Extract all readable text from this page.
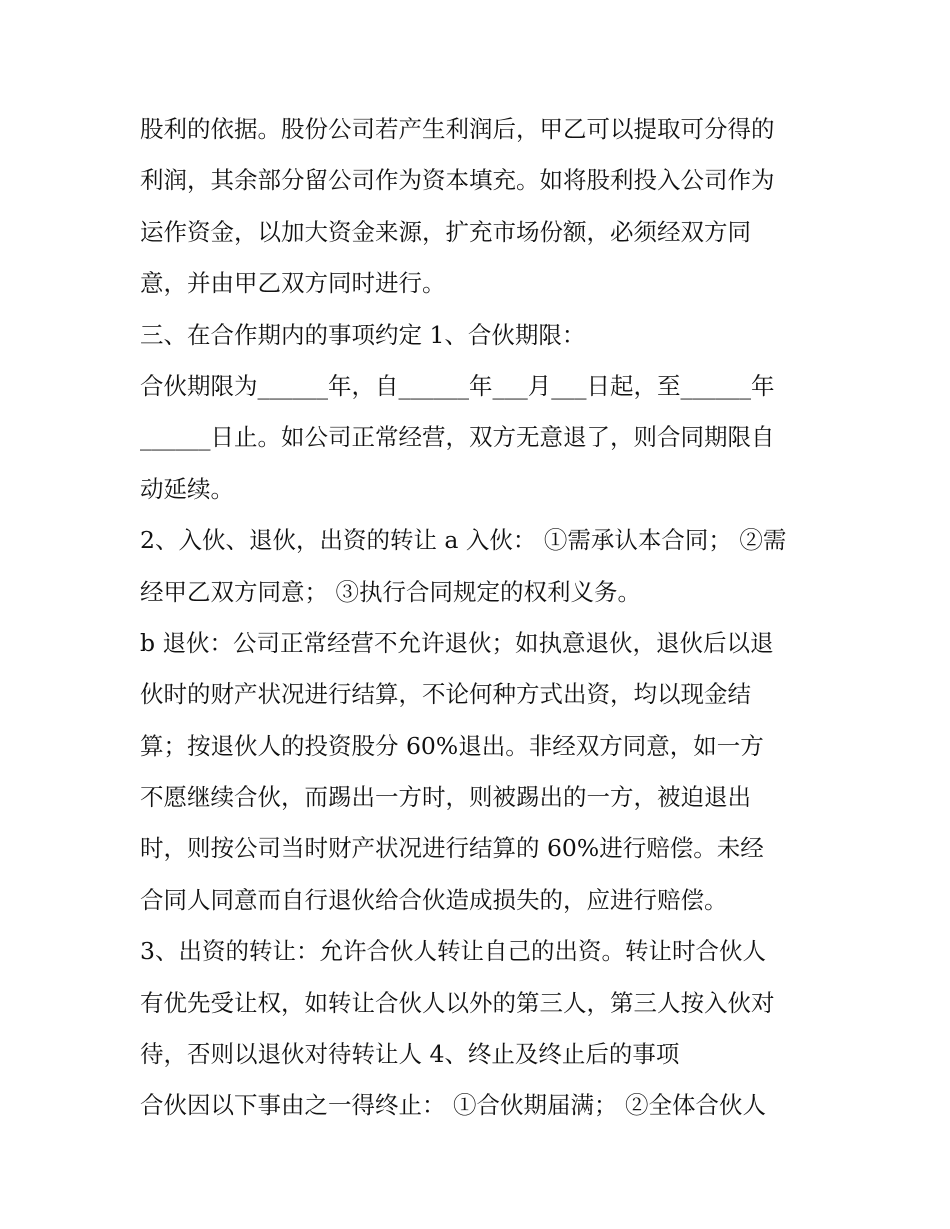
股利的依据。股份公司若产生利润后，甲乙可以提取可分得的
利润，其余部分留公司作为资本填充。如将股利投入公司作为
运作资金，以加大资金来源，扩充市场份额，必须经双方同
意，并由甲乙双方同时进行。
三、在合作期内的事项约定 1、合伙期限：
合伙期限为______年，自______年___月___日起，至______年
______日止。如公司正常经营，双方无意退了，则合同期限自
动延续。
2、入伙、退伙，出资的转让 a 入伙： ①需承认本合同； ②需
经甲乙双方同意； ③执行合同规定的权利义务。
b 退伙：公司正常经营不允许退伙；如执意退伙，退伙后以退
伙时的财产状况进行结算，不论何种方式出资，均以现金结
算；按退伙人的投资股分 60%退出。非经双方同意，如一方
不愿继续合伙，而踢出一方时，则被踢出的一方，被迫退出
时，则按公司当时财产状况进行结算的 60%进行赔偿。未经
合同人同意而自行退伙给合伙造成损失的，应进行赔偿。
3、出资的转让：允许合伙人转让自己的出资。转让时合伙人
有优先受让权，如转让合伙人以外的第三人，第三人按入伙对
待，否则以退伙对待转让人 4、终止及终止后的事项
合伙因以下事由之一得终止： ①合伙期届满； ②全体合伙人
